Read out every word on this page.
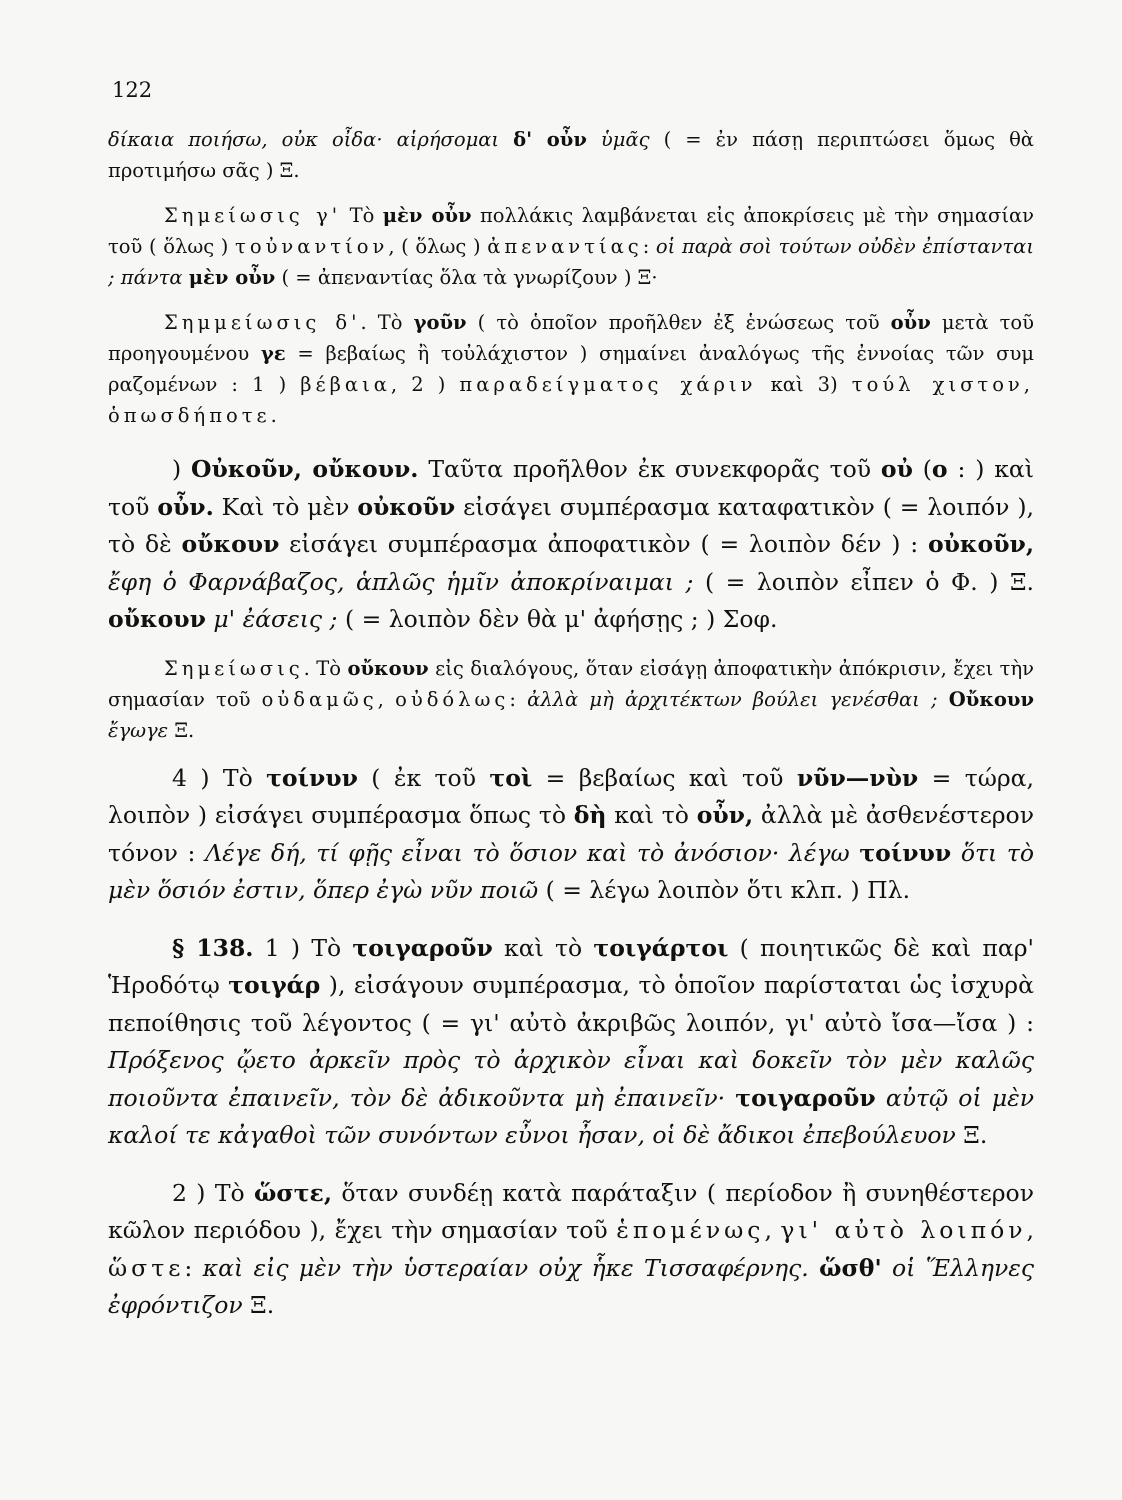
122

δίκαια ποιήσω, οὐκ οἶδα· αἱρήσομαι δ' οὖν ὑμᾶς ( = ἐν πάσῃ περιπτώσει ὅμως θὰ προτιμήσω σᾶς ) Ξ.

Σημείωσις γ' Τὸ μὲν οὖν πολλάκις λαμβάνεται εἰς ἀποκρίσεις μὲ τὴν σημασίαν τοῦ ( ὅλως ) τοὐναντίον, ( ὅλως ) ἀπεναντίας: οἱ παρὰ σοὶ τούτων οὐδὲν ἐπίστανται ; πάντα μὲν οὖν ( = ἀπεναντίας ὅλα τὰ γνωρίζουν ) Ξ·

Σημμείωσις δ'. Τὸ γοῦν ( τὸ ὁποῖον προῆλθεν ἐξ ἑνώσεως τοῦ οὖν μετὰ τοῦ προηγουμένου γε = βεβαίως ἢ τοὐλάχιστον ) σημαίνει ἀναλόγως τῆς ἐννοίας τῶν συμ ραζομένων : 1 ) βέβαια, 2 ) παραδείγματος χάριν καὶ 3) τούλ χιστον, ὁπωσδήποτε.

) Οὐκοῦν, οὔκουν. Ταῦτα προῆλθον ἐκ συνεκφορᾶς τοῦ οὐ (ο : ) καὶ τοῦ οὖν. Καὶ τὸ μὲν οὐκοῦν εἰσάγει συμπέρασμα καταφατικὸν ( = λοιπόν ), τὸ δὲ οὔκουν εἰσάγει συμπέρασμα ἀποφατικὸν ( = λοιπὸν δέν ) : οὐκοῦν, ἔφη ὁ Φαρνάβαζος, ἁπλῶς ἡμῖν ἀποκρίναιμαι ; ( = λοιπὸν εἶπεν ὁ Φ. ) Ξ. οὔκουν μ' ἐάσεις ; ( = λοιπὸν δὲν θὰ μ' ἀφήσῃς ; ) Σοφ.

Σημείωσις. Τὸ οὔκουν εἰς διαλόγους, ὅταν εἰσάγῃ ἀποφατικὴν ἀπόκρισιν, ἔχει τὴν σημασίαν τοῦ οὐδαμῶς, οὐδόλως: ἀλλὰ μὴ ἀρχιτέκτων βούλει γενέσθαι ; Οὔκουν ἔγωγε Ξ.

4 ) Τὸ τοίνυν ( ἐκ τοῦ τοὶ = βεβαίως καὶ τοῦ νῦν—νὺν = τώρα, λοιπὸν ) εἰσάγει συμπέρασμα ὅπως τὸ δὴ καὶ τὸ οὖν, ἀλλὰ μὲ ἀσθενέστερον τόνον : Λέγε δή, τί φῇς εἶναι τὸ ὅσιον καὶ τὸ ἀνόσιον· λέγω τοίνυν ὅτι τὸ μὲν ὅσιόν ἐστιν, ὅπερ ἐγὼ νῦν ποιῶ ( = λέγω λοιπὸν ὅτι κλπ. ) Πλ.

§ 138. 1 ) Τὸ τοιγαροῦν καὶ τὸ τοιγάρτοι ( ποιητικῶς δὲ καὶ παρ' Ἡροδότῳ τοιγάρ ), εἰσάγουν συμπέρασμα, τὸ ὁποῖον παρίσταται ὡς ἰσχυρὰ πεποίθησις τοῦ λέγοντος ( = γι' αὐτὸ ἀκριβῶς λοιπόν, γι' αὐτὸ ἴσα—ἴσα ) : Πρόξενος ᾤετο ἀρκεῖν πρὸς τὸ ἀρχικὸν εἶναι καὶ δοκεῖν τὸν μὲν καλῶς ποιοῦντα ἐπαινεῖν, τὸν δὲ ἀδικοῦντα μὴ ἐπαινεῖν· τοιγαροῦν αὐτῷ οἱ μὲν καλοί τε κἀγαθοὶ τῶν συνόντων εὖνοι ἦσαν, οἱ δὲ ἄδικοι ἐπεβούλευον Ξ.

2 ) Τὸ ὥστε, ὅταν συνδέῃ κατὰ παράταξιν ( περίοδον ἢ συνηθέστερον κῶλον περιόδου ), ἔχει τὴν σημασίαν τοῦ ἑπομένως, γι' αὐτὸ λοιπόν, ὥστε: καὶ εἰς μὲν τὴν ὑστεραίαν οὐχ ἧκε Τισσαφέρνης. ὥσθ' οἱ Ἕλληνες ἐφρόντιζον Ξ.
